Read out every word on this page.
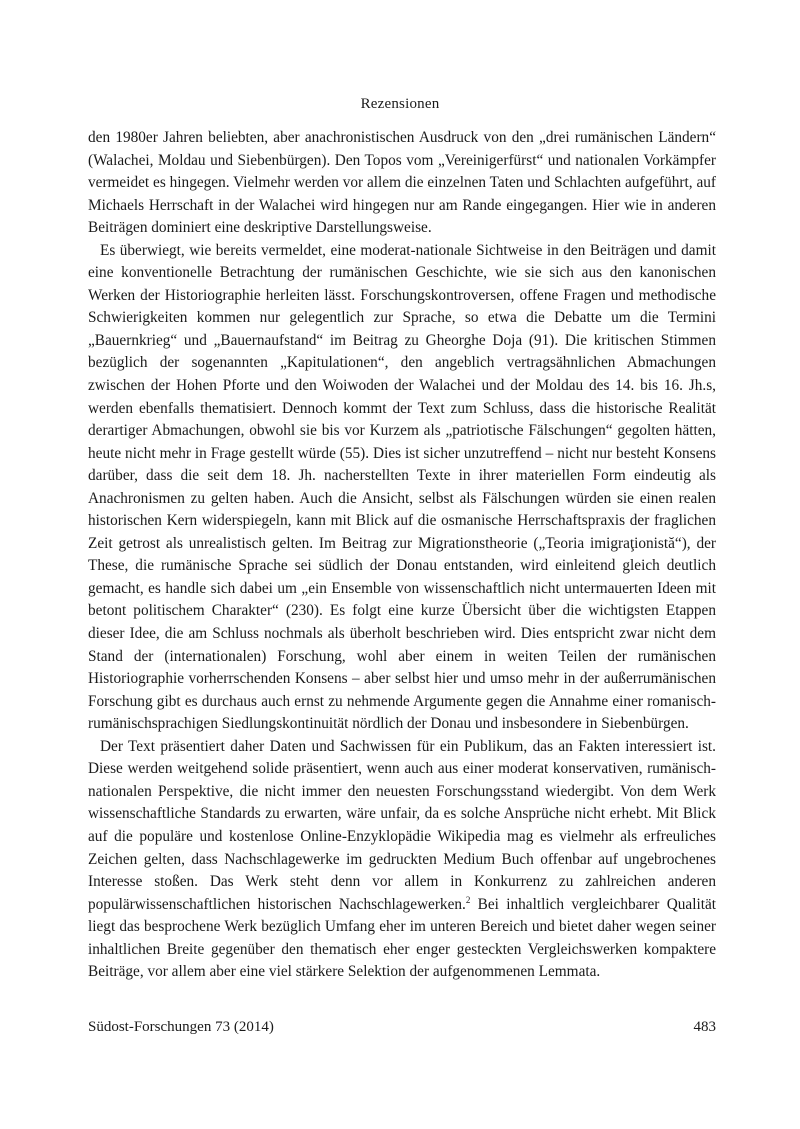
Rezensionen

den 1980er Jahren beliebten, aber anachronistischen Ausdruck von den „drei rumänischen Ländern“ (Walachei, Moldau und Siebenbürgen). Den Topos vom „Vereinigerfürst“ und nationalen Vorkämpfer vermeidet es hingegen. Vielmehr werden vor allem die einzelnen Taten und Schlachten aufgeführt, auf Michaels Herrschaft in der Walachei wird hingegen nur am Rande eingegangen. Hier wie in anderen Beiträgen dominiert eine deskriptive Darstellungsweise.

Es überwiegt, wie bereits vermeldet, eine moderat-nationale Sichtweise in den Beiträgen und damit eine konventionelle Betrachtung der rumänischen Geschichte, wie sie sich aus den kanonischen Werken der Historiographie herleiten lässt. Forschungskontroversen, offene Fragen und methodische Schwierigkeiten kommen nur gelegentlich zur Sprache, so etwa die Debatte um die Termini „Bauernkrieg“ und „Bauernaufstand“ im Beitrag zu Gheorghe Doja (91). Die kritischen Stimmen bezüglich der sogenannten „Kapitulationen“, den angeblich vertragsähnlichen Abmachungen zwischen der Hohen Pforte und den Woiwoden der Walachei und der Moldau des 14. bis 16. Jh.s, werden ebenfalls thematisiert. Dennoch kommt der Text zum Schluss, dass die historische Realität derartiger Abmachungen, obwohl sie bis vor Kurzem als „patriotische Fälschungen“ gegolten hätten, heute nicht mehr in Frage gestellt würde (55). Dies ist sicher unzutreffend – nicht nur besteht Konsens darüber, dass die seit dem 18. Jh. nacherstellten Texte in ihrer materiellen Form eindeutig als Anachronismen zu gelten haben. Auch die Ansicht, selbst als Fälschungen würden sie einen realen historischen Kern widerspiegeln, kann mit Blick auf die osmanische Herrschaftspraxis der fraglichen Zeit getrost als unrealistisch gelten. Im Beitrag zur Migrationstheorie („Teoria imigraţionistă“), der These, die rumänische Sprache sei südlich der Donau entstanden, wird einleitend gleich deutlich gemacht, es handle sich dabei um „ein Ensemble von wissenschaftlich nicht untermauerten Ideen mit betont politischem Charakter“ (230). Es folgt eine kurze Übersicht über die wichtigsten Etappen dieser Idee, die am Schluss nochmals als überholt beschrieben wird. Dies entspricht zwar nicht dem Stand der (internationalen) Forschung, wohl aber einem in weiten Teilen der rumänischen Historiographie vorherrschenden Konsens – aber selbst hier und umso mehr in der außerrumänischen Forschung gibt es durchaus auch ernst zu nehmende Argumente gegen die Annahme einer romanisch-rumänischsprachigen Siedlungskontinuität nördlich der Donau und insbesondere in Siebenbürgen.

Der Text präsentiert daher Daten und Sachwissen für ein Publikum, das an Fakten interessiert ist. Diese werden weitgehend solide präsentiert, wenn auch aus einer moderat konservativen, rumänisch-nationalen Perspektive, die nicht immer den neuesten Forschungsstand wiedergibt. Von dem Werk wissenschaftliche Standards zu erwarten, wäre unfair, da es solche Ansprüche nicht erhebt. Mit Blick auf die populäre und kostenlose Online-Enzyklopädie Wikipedia mag es vielmehr als erfreuliches Zeichen gelten, dass Nachschlagewerke im gedruckten Medium Buch offenbar auf ungebrochenes Interesse stoßen. Das Werk steht denn vor allem in Konkurrenz zu zahlreichen anderen populärwissenschaftlichen historischen Nachschlagewerken.$^2$ Bei inhaltlich vergleichbarer Qualität liegt das besprochene Werk bezüglich Umfang eher im unteren Bereich und bietet daher wegen seiner inhaltlichen Breite gegenüber den thematisch eher enger gesteckten Vergleichswerken kompaktere Beiträge, vor allem aber eine viel stärkere Selektion der aufgenommenen Lemmata.

Südost-Forschungen 73 (2014)	483
